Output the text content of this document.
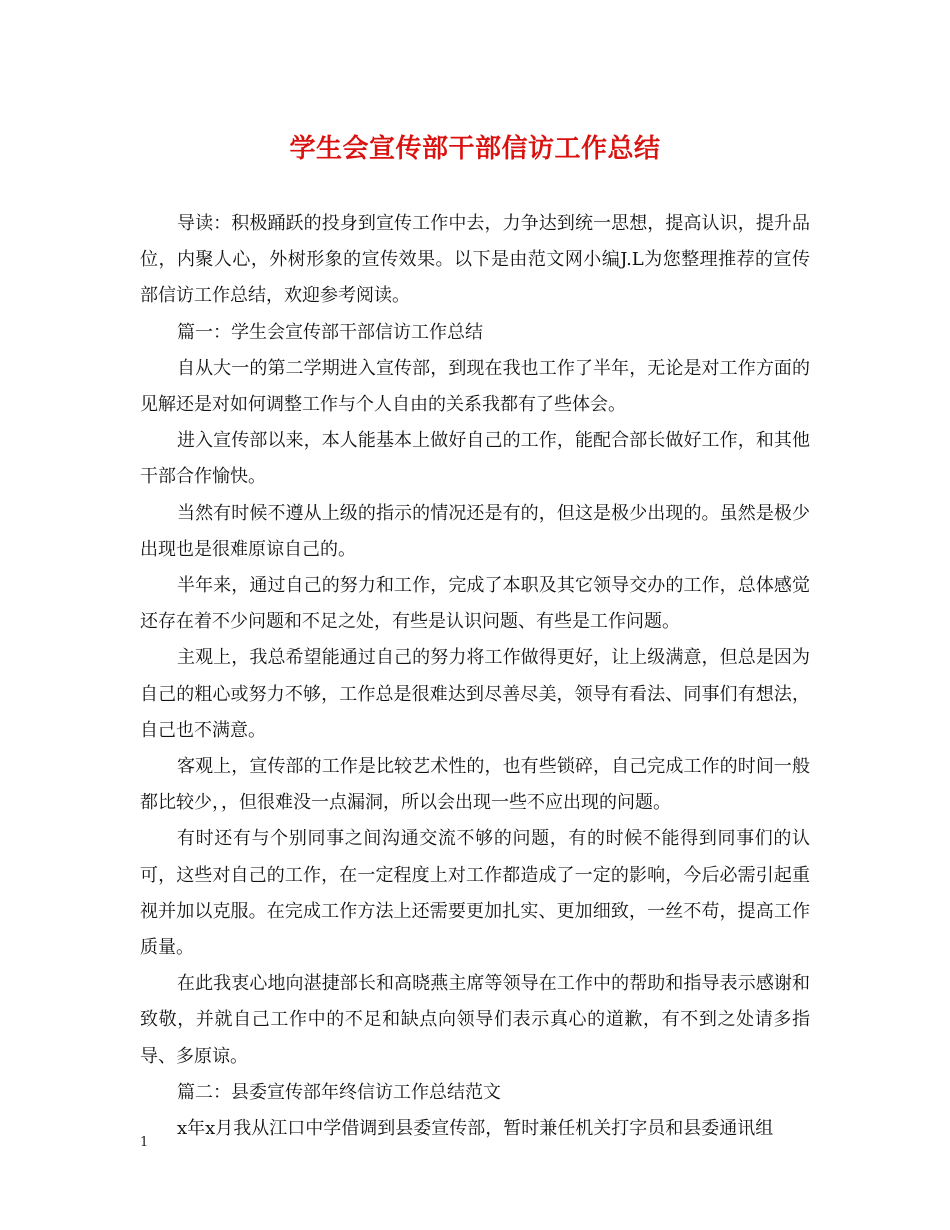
学生会宣传部干部信访工作总结

导读：积极踊跃的投身到宣传工作中去，力争达到统一思想，提高认识，提升品位，内聚人心，外树形象的宣传效果。以下是由范文网小编J.L为您整理推荐的宣传部信访工作总结，欢迎参考阅读。

篇一：学生会宣传部干部信访工作总结

自从大一的第二学期进入宣传部，到现在我也工作了半年，无论是对工作方面的见解还是对如何调整工作与个人自由的关系我都有了些体会。

进入宣传部以来，本人能基本上做好自己的工作，能配合部长做好工作，和其他干部合作愉快。

当然有时候不遵从上级的指示的情况还是有的，但这是极少出现的。虽然是极少出现也是很难原谅自己的。

半年来，通过自己的努力和工作，完成了本职及其它领导交办的工作，总体感觉还存在着不少问题和不足之处，有些是认识问题、有些是工作问题。

主观上，我总希望能通过自己的努力将工作做得更好，让上级满意，但总是因为自己的粗心或努力不够，工作总是很难达到尽善尽美，领导有看法、同事们有想法，自己也不满意。

客观上，宣传部的工作是比较艺术性的，也有些锁碎，自己完成工作的时间一般都比较少，，但很难没一点漏洞，所以会出现一些不应出现的问题。

有时还有与个别同事之间沟通交流不够的问题，有的时候不能得到同事们的认可，这些对自己的工作，在一定程度上对工作都造成了一定的影响，今后必需引起重视并加以克服。在完成工作方法上还需要更加扎实、更加细致，一丝不苟，提高工作质量。

在此我衷心地向湛捷部长和高晓燕主席等领导在工作中的帮助和指导表示感谢和致敬，并就自己工作中的不足和缺点向领导们表示真心的道歉，有不到之处请多指导、多原谅。

篇二：县委宣传部年终信访工作总结范文

x年x月我从江口中学借调到县委宣传部，暂时兼任机关打字员和县委通讯组

1
